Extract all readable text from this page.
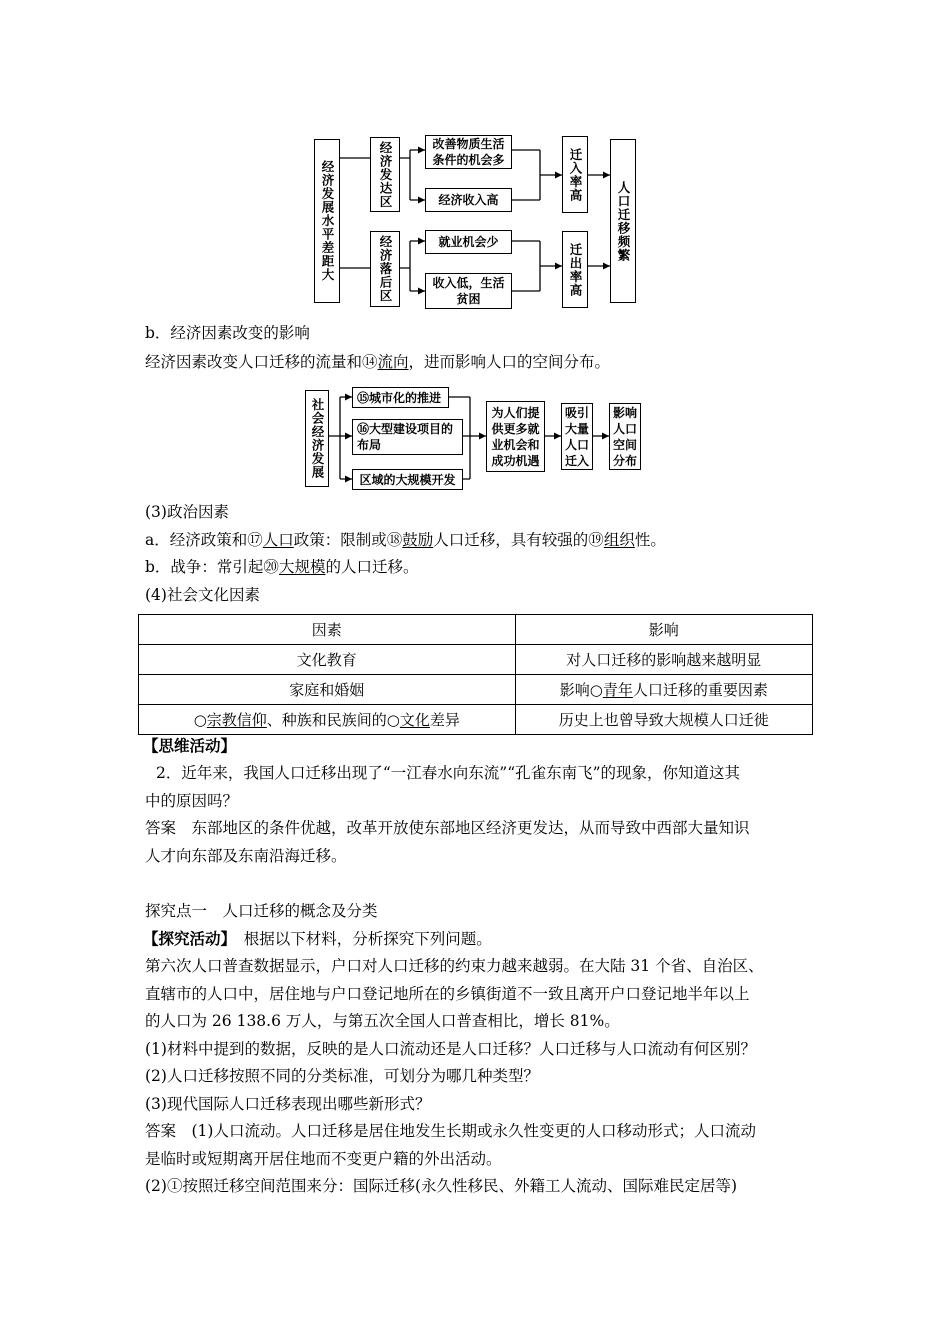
经济发展水平差距大	经济发达区
经济落后区
改善物质生活条件的机会多
经济收入高
就业机会少
收入低，生活贫困
迁入率高
迁出率高
人口迁移频繁
b．经济因素改变的影响
经济因素改变人口迁移的流量和⑭流向，进而影响人口的空间分布。
社会经济发展
⑮城市化的推进
⑯大型建设项目的布局
区域的大规模开发
为人们提供更多就业机会和成功机遇
吸引大量人口迁入
影响人口空间分布
(3)政治因素
a．经济政策和⑰人口政策：限制或⑱鼓励人口迁移，具有较强的⑲组织性。
b．战争：常引起⑳大规模的人口迁移。
(4)社会文化因素
因素	影响
文化教育	对人口迁移的影响越来越明显
家庭和婚姻	影响○青年人口迁移的重要因素
○宗教信仰、种族和民族间的○文化差异	历史上也曾导致大规模人口迁徙
【思维活动】
2．近年来，我国人口迁移出现了“一江春水向东流”“孔雀东南飞”的现象，你知道这其
中的原因吗？
答案　东部地区的条件优越，改革开放使东部地区经济更发达，从而导致中西部大量知识
人才向东部及东南沿海迁移。
探究点一　人口迁移的概念及分类
【探究活动】　根据以下材料，分析探究下列问题。
第六次人口普查数据显示，户口对人口迁移的约束力越来越弱。在大陆 31 个省、自治区、
直辖市的人口中，居住地与户口登记地所在的乡镇街道不一致且离开户口登记地半年以上
的人口为 26 138.6 万人，与第五次全国人口普查相比，增长 81%。
(1)材料中提到的数据，反映的是人口流动还是人口迁移？人口迁移与人口流动有何区别？
(2)人口迁移按照不同的分类标准，可划分为哪几种类型？
(3)现代国际人口迁移表现出哪些新形式？
答案　(1)人口流动。人口迁移是居住地发生长期或永久性变更的人口移动形式；人口流动
是临时或短期离开居住地而不变更户籍的外出活动。
(2)①按照迁移空间范围来分：国际迁移(永久性移民、外籍工人流动、国际难民定居等)
